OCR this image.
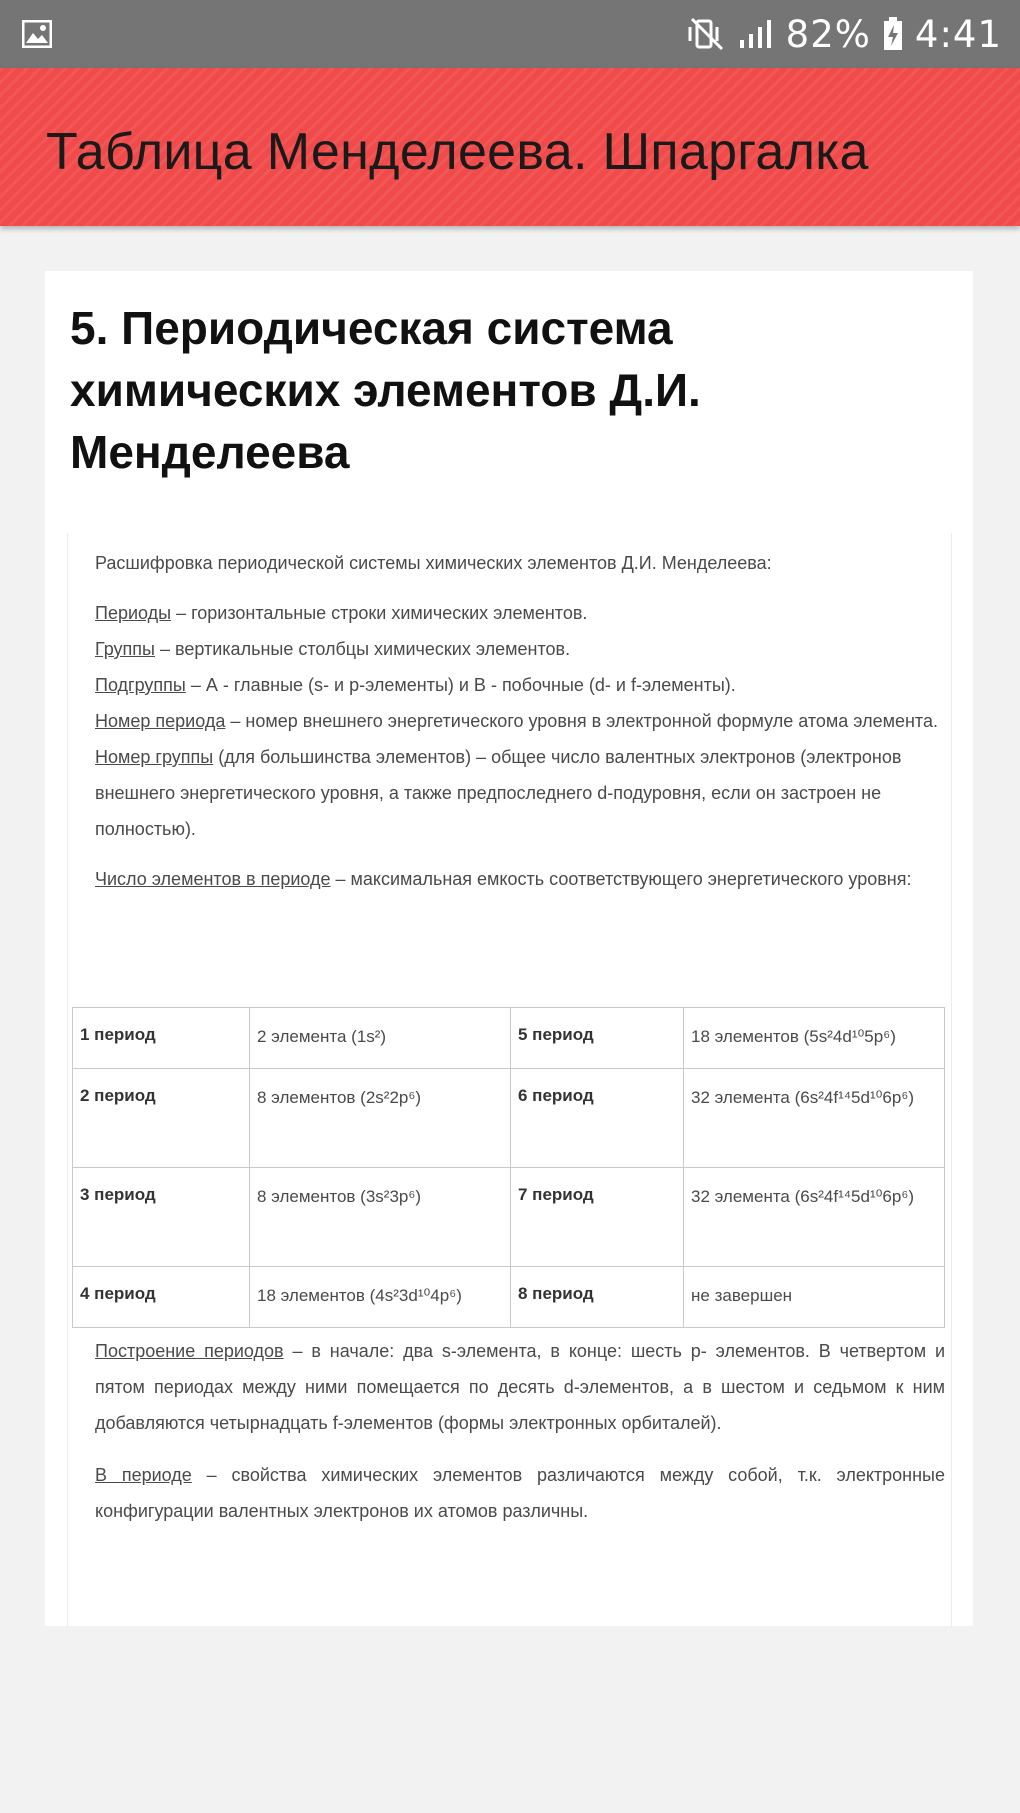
82% 4:41
Таблица Менделеева. Шпаргалка
5. Периодическая система химических элементов Д.И. Менделеева

Расшифровка периодической системы химических элементов Д.И. Менделеева:

Периоды – горизонтальные строки химических элементов.

Группы – вертикальные столбцы химических элементов.

Подгруппы – А - главные (s- и p-элементы) и В - побочные (d- и f-элементы).

Номер периода – номер внешнего энергетического уровня в электронной формуле атома элемента.

Номер группы (для большинства элементов) – общее число валентных электронов (электронов внешнего энергетического уровня, а также предпоследнего d-подуровня, если он застроен не полностью).

Число элементов в периоде – максимальная емкость соответствующего энергетического уровня:

1 период	2 элемента (1s²)	5 период	18 элементов (5s²4d¹⁰5p⁶)
2 период	8 элементов (2s²2p⁶)	6 период	32 элемента (6s²4f¹⁴5d¹⁰6p⁶)
3 период	8 элементов (3s²3p⁶)	7 период	32 элемента (6s²4f¹⁴5d¹⁰6p⁶)
4 период	18 элементов (4s²3d¹⁰4p⁶)	8 период	не завершен

Построение периодов – в начале: два s-элемента, в конце: шесть p- элементов. В четвертом и пятом периодах между ними помещается по десять d-элементов, а в шестом и седьмом к ним добавляются четырнадцать f-элементов (формы электронных орбиталей).

В периоде – свойства химических элементов различаются между собой, т.к. электронные конфигурации валентных электронов их атомов различны.
